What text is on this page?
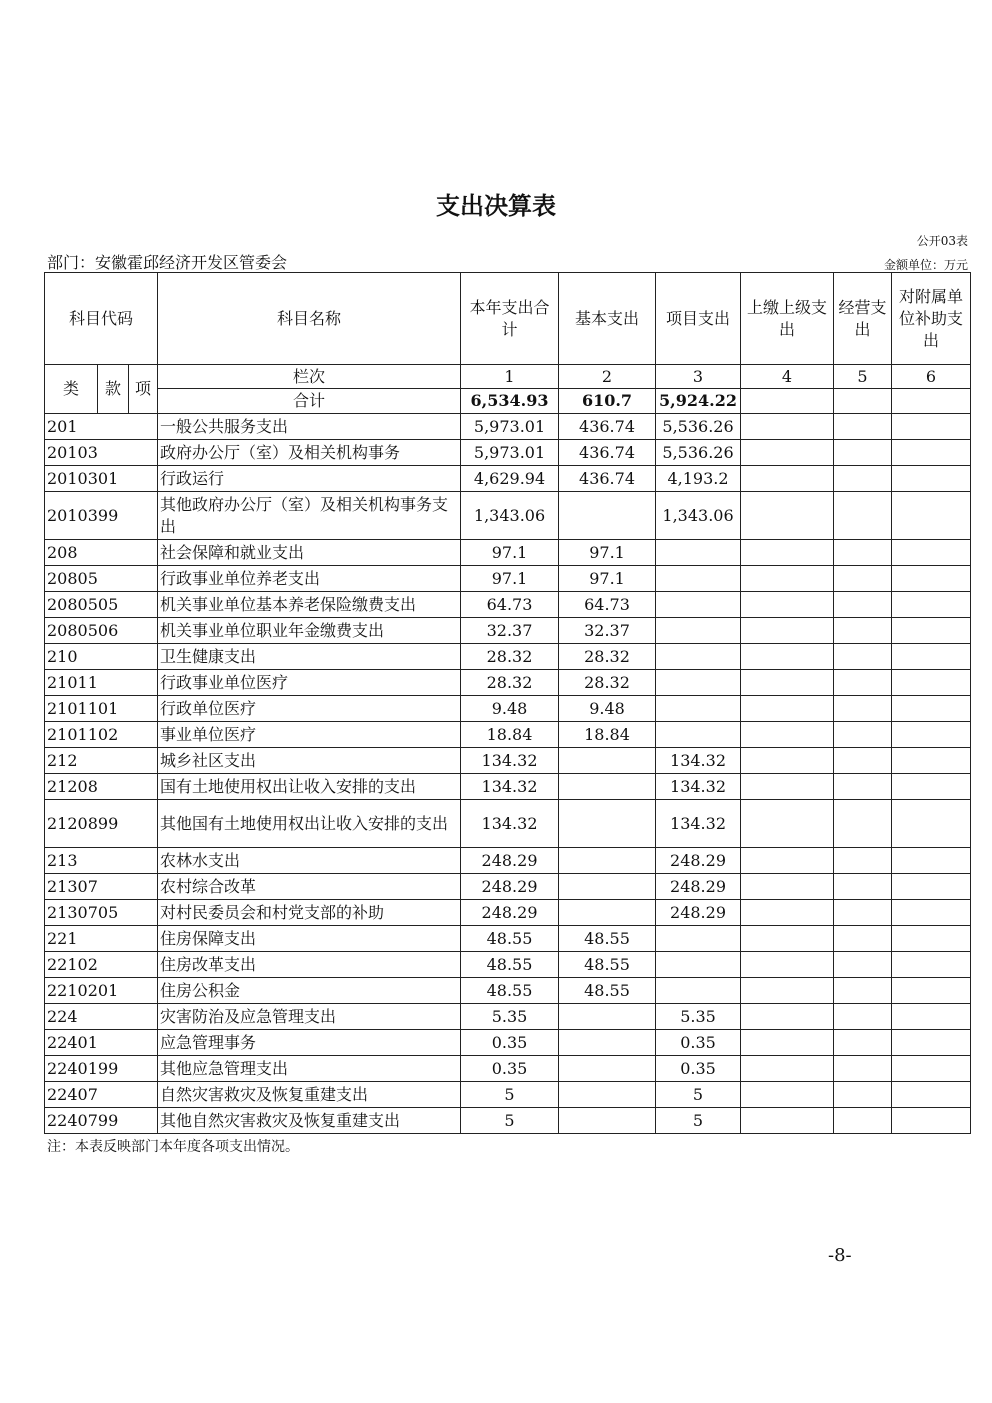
支出决算表
公开03表
部门：安徽霍邱经济开发区管委会	金额单位：万元
科目代码			科目名称	本年支出合计	基本支出	项目支出	上缴上级支出	经营支出	对附属单位补助支出
类	款	项	栏次	1	2	3	4	5	6
			合计	6,534.93	610.7	5,924.22			
201			一般公共服务支出	5,973.01	436.74	5,536.26			
20103			政府办公厅（室）及相关机构事务	5,973.01	436.74	5,536.26			
2010301			行政运行	4,629.94	436.74	4,193.2			
2010399			其他政府办公厅（室）及相关机构事务支出	1,343.06		1,343.06			
208			社会保障和就业支出	97.1	97.1				
20805			行政事业单位养老支出	97.1	97.1				
2080505			机关事业单位基本养老保险缴费支出	64.73	64.73				
2080506			机关事业单位职业年金缴费支出	32.37	32.37				
210			卫生健康支出	28.32	28.32				
21011			行政事业单位医疗	28.32	28.32				
2101101			行政单位医疗	9.48	9.48				
2101102			事业单位医疗	18.84	18.84				
212			城乡社区支出	134.32		134.32			
21208			国有土地使用权出让收入安排的支出	134.32		134.32			
2120899			其他国有土地使用权出让收入安排的支出	134.32		134.32			
213			农林水支出	248.29		248.29			
21307			农村综合改革	248.29		248.29			
2130705			对村民委员会和村党支部的补助	248.29		248.29			
221			住房保障支出	48.55	48.55				
22102			住房改革支出	48.55	48.55				
2210201			住房公积金	48.55	48.55				
224			灾害防治及应急管理支出	5.35		5.35			
22401			应急管理事务	0.35		0.35			
2240199			其他应急管理支出	0.35		0.35			
22407			自然灾害救灾及恢复重建支出	5		5			
2240799			其他自然灾害救灾及恢复重建支出	5		5			
注：本表反映部门本年度各项支出情况。
-8-
